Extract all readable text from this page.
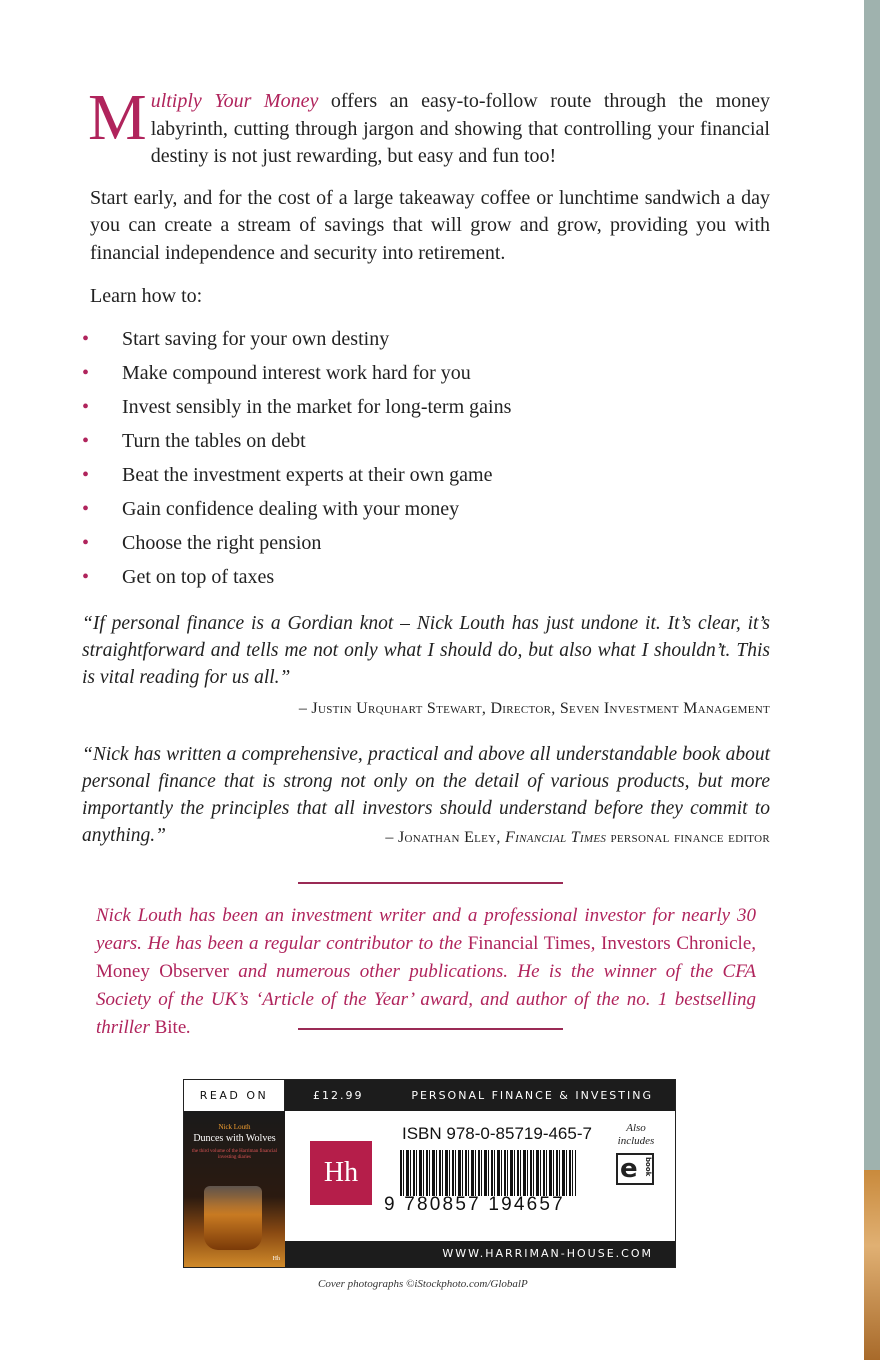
Multiply Your Money offers an easy-to-follow route through the money labyrinth, cutting through jargon and showing that controlling your financial destiny is not just rewarding, but easy and fun too!

Start early, and for the cost of a large takeaway coffee or lunchtime sandwich a day you can create a stream of savings that will grow and grow, providing you with financial independence and security into retirement.

Learn how to:
• Start saving for your own destiny
• Make compound interest work hard for you
• Invest sensibly in the market for long-term gains
• Turn the tables on debt
• Beat the investment experts at their own game
• Gain confidence dealing with your money
• Choose the right pension
• Get on top of taxes
“If personal finance is a Gordian knot – Nick Louth has just undone it. It’s clear, it’s straightforward and tells me not only what I should do, but also what I shouldn’t. This is vital reading for us all.”
– Justin Urquhart Stewart, Director, Seven Investment Management
“Nick has written a comprehensive, practical and above all understandable book about personal finance that is strong not only on the detail of various products, but more importantly the principles that all investors should understand before they commit to anything.”	– Jonathan Eley, Financial Times personal finance editor
Nick Louth has been an investment writer and a professional investor for nearly 30 years. He has been a regular contributor to the Financial Times, Investors Chronicle, Money Observer and numerous other publications. He is the winner of the CFA Society of the UK’s ‘Article of the Year’ award, and author of the no. 1 bestselling thriller Bite.
READ ON	£12.99	PERSONAL FINANCE & INVESTING
Nick Louth
Dunces with Wolves
the third volume of the Harriman financial investing diaries
Hh
Hh
ISBN 978-0-85719-465-7
9 780857 194657
Also includes
e book
WWW.HARRIMAN-HOUSE.COM
Cover photographs ©iStockphoto.com/GlobalP
